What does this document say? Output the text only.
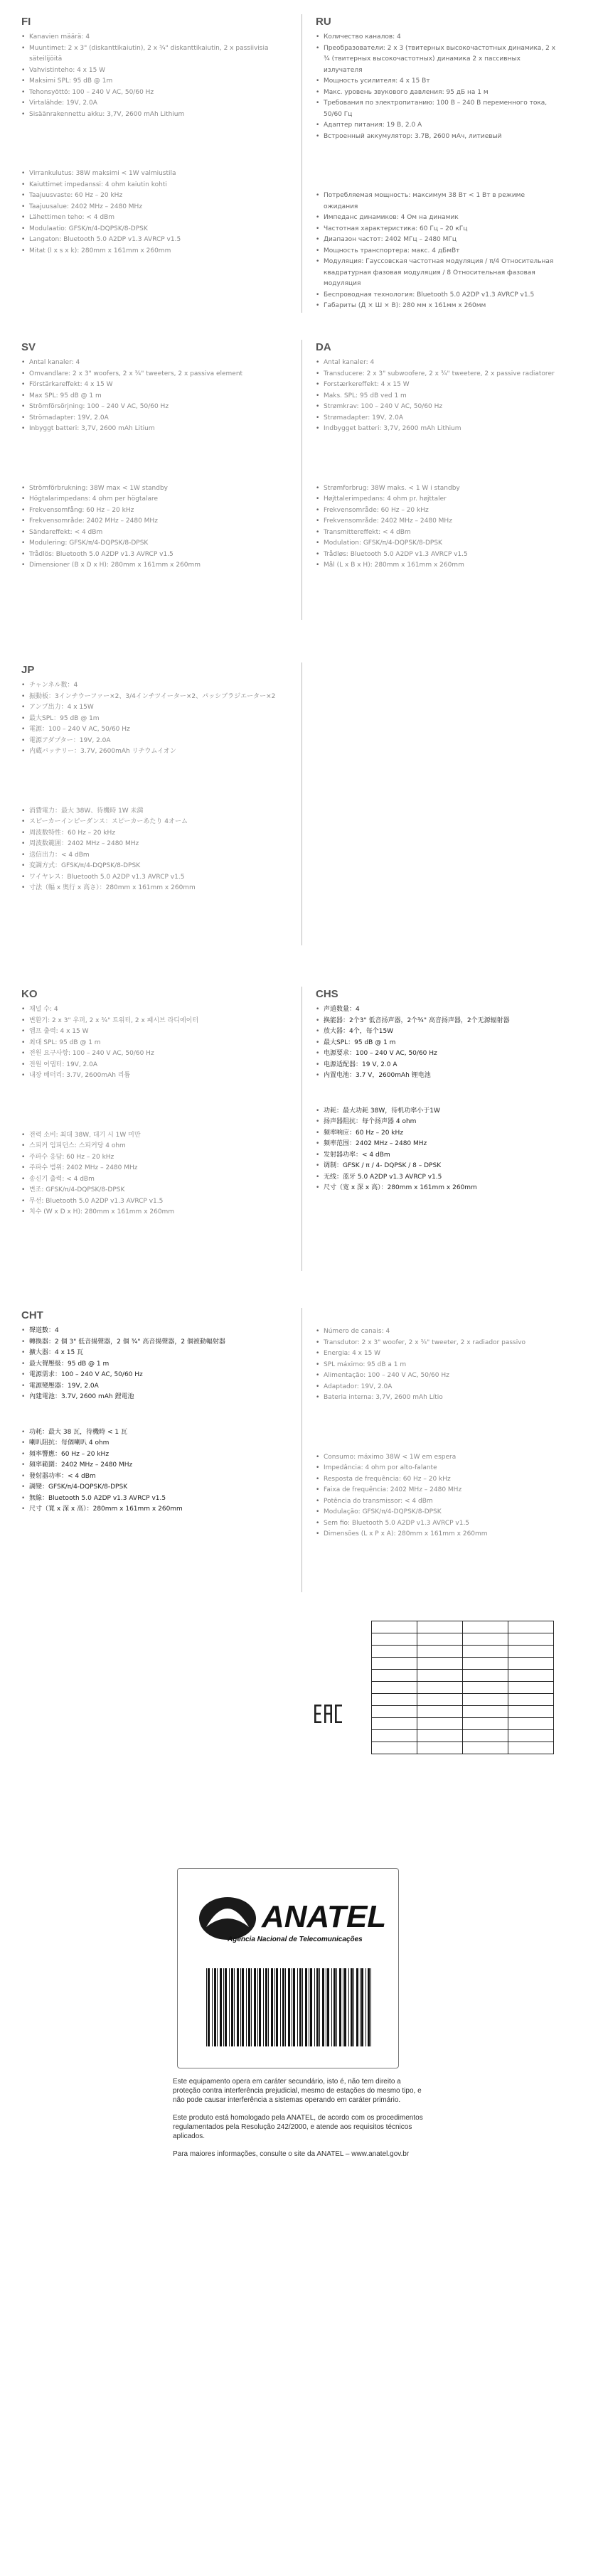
FI
• Kanavien määrä: 4
• Muuntimet: 2 x 3" (diskanttikaiutin), 2 x ¾" diskanttikaiutin, 2 x passiivisia säteilijöitä
• Vahvistinteho: 4 x 15 W
• Maksimi SPL: 95 dB @ 1m
• Tehonsyöttö: 100 – 240 V AC, 50/60 Hz
• Virtalähde: 19V, 2.0A
• Sisäänrakennettu akku: 3,7V, 2600 mAh Lithium
• Virrankulutus: 38W maksimi < 1W valmiustila
• Kaiuttimet impedanssi: 4 ohm kaiutin kohti
• Taajuusvaste: 60 Hz – 20 kHz
• Taajuusalue: 2402 MHz – 2480 MHz
• Lähettimen teho: < 4 dBm
• Modulaatio: GFSK/π/4-DQPSK/8-DPSK
• Langaton: Bluetooth 5.0 A2DP v1.3 AVRCP v1.5
• Mitat (l x s x k): 280mm x 161mm x 260mm
RU
• Количество каналов: 4
• Преобразователи: 2 x 3 (твитерных высокочастотных динамика, 2 x ¾ (твитерных высокочастотных) динамика 2 x пассивных излучателя
• Мощность усилителя: 4 x 15 Вт
• Макс. уровень звукового давления: 95 дБ на 1 м
• Требования по электропитанию: 100 В – 240 В переменного тока, 50/60 Гц
• Адаптер питания: 19 В, 2.0 А
• Встроенный аккумулятор: 3.7В, 2600 мАч, литиевый
• Потребляемая мощность: максимум 38 Вт < 1 Вт в режиме ожидания
• Импеданс динамиков: 4 Ом на динамик
• Частотная характеристика: 60 Гц – 20 кГц
• Диапазон частот: 2402 МГц – 2480 МГц
• Мощность транспортера: макс. 4 дБмВт
• Модуляция: Гауссовская частотная модуляция / π/4 Относительная квадратурная фазовая модуляция / 8 Относительная фазовая модуляция
• Беспроводная технология: Bluetooth 5.0 A2DP v1.3 AVRCP v1.5
• Габариты (Д × Ш × В): 280 мм х 161мм х 260мм
SV
• Antal kanaler: 4
• Omvandlare: 2 x 3" woofers, 2 x ¾" tweeters, 2 x passiva element
• Förstärkareffekt: 4 x 15 W
• Max SPL: 95 dB @ 1 m
• Strömförsörjning: 100 – 240 V AC, 50/60 Hz
• Strömadapter: 19V, 2.0A
• Inbyggt batteri: 3,7V, 2600 mAh Litium
• Strömförbrukning: 38W max < 1W standby
• Högtalarimpedans: 4 ohm per högtalare
• Frekvensomfång: 60 Hz – 20 kHz
• Frekvensområde: 2402 MHz – 2480 MHz
• Sändareffekt: < 4 dBm
• Modulering: GFSK/π/4-DQPSK/8-DPSK
• Trådlös: Bluetooth 5.0 A2DP v1.3 AVRCP v1.5
• Dimensioner (B x D x H): 280mm x 161mm x 260mm
DA
• Antal kanaler: 4
• Transducere: 2 x 3" subwoofere, 2 x ¾" tweetere, 2 x passive radiatorer
• Forstærkereffekt: 4 x 15 W
• Maks. SPL: 95 dB ved 1 m
• Strømkrav: 100 – 240 V AC, 50/60 Hz
• Strømadapter: 19V, 2.0A
• Indbygget batteri: 3,7V, 2600 mAh Lithium
• Strømforbrug: 38W maks. < 1 W i standby
• Højttalerimpedans: 4 ohm pr. højttaler
• Frekvensområde: 60 Hz – 20 kHz
• Frekvensområde: 2402 MHz – 2480 MHz
• Transmittereffekt: < 4 dBm
• Modulation: GFSK/π/4-DQPSK/8-DPSK
• Trådløs: Bluetooth 5.0 A2DP v1.3 AVRCP v1.5
• Mål (L x B x H): 280mm x 161mm x 260mm
JP
• チャンネル数：4
• 振動板：3インチウーファー×2、3/4インチツイーター×2、パッシブラジエーター×2
• アンプ出力：4 x 15W
• 最大SPL：95 dB @ 1m
• 電源：100 – 240 V AC, 50/60 Hz
• 電源アダプター：19V, 2.0A
• 内蔵バッテリー：3.7V, 2600mAh リチウムイオン
• 消費電力：最大 38W、待機時 1W 未満
• スピーカーインピーダンス：スピーカーあたり 4オーム
• 周波数特性：60 Hz – 20 kHz
• 周波数範囲：2402 MHz – 2480 MHz
• 送信出力：< 4 dBm
• 変調方式：GFSK/π/4-DQPSK/8-DPSK
• ワイヤレス：Bluetooth 5.0 A2DP v1.3 AVRCP v1.5
• 寸法（幅 x 奥行 x 高さ）：280mm x 161mm x 260mm
KO
• 채널 수: 4
• 변환기: 2 x 3" 우퍼, 2 x ¾" 트위터, 2 x 패시브 라디에이터
• 앰프 출력: 4 x 15 W
• 최대 SPL: 95 dB @ 1 m
• 전원 요구사항: 100 – 240 V AC, 50/60 Hz
• 전원 어댑터: 19V, 2.0A
• 내장 배터리: 3.7V, 2600mAh 리튬
• 전력 소비: 최대 38W, 대기 시 1W 미만
• 스피커 임피던스: 스피커당 4 ohm
• 주파수 응답: 60 Hz – 20 kHz
• 주파수 범위: 2402 MHz – 2480 MHz
• 송신기 출력: < 4 dBm
• 변조: GFSK/π/4-DQPSK/8-DPSK
• 무선: Bluetooth 5.0 A2DP v1.3 AVRCP v1.5
• 치수 (W x D x H): 280mm x 161mm x 260mm
CHS
• 声道数量：4
• 换能器：2个3" 低音扬声器，2个¾" 高音扬声器，2个无源辐射器
• 放大器：4个，每个15W
• 最大SPL：95 dB @ 1 m
• 电源要求：100 – 240 V AC, 50/60 Hz
• 电源适配器：19 V, 2.0 A
• 内置电池：3.7 V，2600mAh 锂电池
• 功耗：最大功耗 38W，待机功率小于1W
• 扬声器阻抗：每个扬声器 4 ohm
• 频率响应：60 Hz – 20 kHz
• 频率范围：2402 MHz – 2480 MHz
• 发射器功率：< 4 dBm
• 调制：GFSK / π / 4- DQPSK / 8 – DPSK
• 无线：蓝牙 5.0 A2DP v1.3 AVRCP v1.5
• 尺寸（宽 x 深 x 高）：280mm x 161mm x 260mm
CHT
• 聲道數：4
• 轉換器：2 個 3" 低音揚聲器，2 個 ¾" 高音揚聲器，2 個被動輻射器
• 擴大器：4 x 15 瓦
• 最大聲壓級：95 dB @ 1 m
• 電源需求：100 – 240 V AC, 50/60 Hz
• 電源變壓器：19V, 2.0A
• 內建電池：3.7V, 2600 mAh 鋰電池
• 功耗：最大 38 瓦，待機時 < 1 瓦
• 喇叭阻抗：每個喇叭 4 ohm
• 頻率響應：60 Hz – 20 kHz
• 頻率範圍：2402 MHz – 2480 MHz
• 發射器功率：< 4 dBm
• 調變：GFSK/π/4-DQPSK/8-DPSK
• 無線：Bluetooth 5.0 A2DP v1.3 AVRCP v1.5
• 尺寸（寬 x 深 x 高）：280mm x 161mm x 260mm
• Número de canais: 4
• Transdutor: 2 x 3" woofer, 2 x ¾" tweeter, 2 x radiador passivo
• Energia: 4 x 15 W
• SPL máximo: 95 dB a 1 m
• Alimentação: 100 – 240 V AC, 50/60 Hz
• Adaptador: 19V, 2.0A
• Bateria interna: 3,7V, 2600 mAh Lítio
• Consumo: máximo 38W < 1W em espera
• Impedância: 4 ohm por alto-falante
• Resposta de frequência: 60 Hz – 20 kHz
• Faixa de frequência: 2402 MHz – 2480 MHz
• Potência do transmissor: < 4 dBm
• Modulação: GFSK/π/4-DQPSK/8-DPSK
• Sem fio: Bluetooth 5.0 A2DP v1.3 AVRCP v1.5
• Dimensões (L x P x A): 280mm x 161mm x 260mm

ANATEL
Agência Nacional de Telecomunicações

Este equipamento opera em caráter secundário, isto é, não tem direito a proteção contra interferência prejudicial, mesmo de estações do mesmo tipo, e não pode causar interferência a sistemas operando em caráter primário.

Este produto está homologado pela ANATEL, de acordo com os procedimentos regulamentados pela Resolução 242/2000, e atende aos requisitos técnicos aplicados.

Para maiores informações, consulte o site da ANATEL – www.anatel.gov.br
